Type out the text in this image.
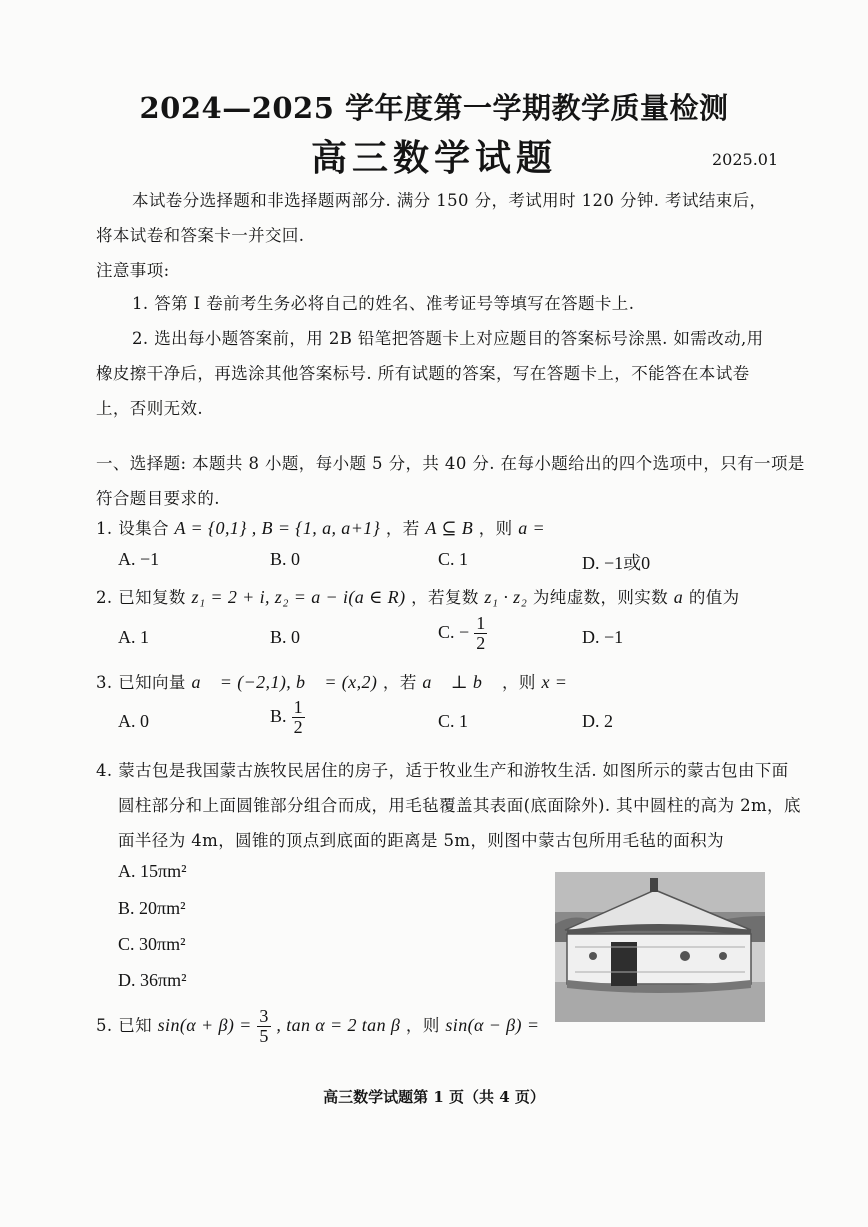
2024—2025 学年度第一学期教学质量检测
高三数学试题	2025.01
本试卷分选择题和非选择题两部分. 满分 150 分，考试用时 120 分钟. 考试结束后，
将本试卷和答案卡一并交回.
注意事项:
1. 答第 I 卷前考生务必将自己的姓名、准考证号等填写在答题卡上.
2. 选出每小题答案前，用 2B 铅笔把答题卡上对应题目的答案标号涂黑. 如需改动,用
橡皮擦干净后，再选涂其他答案标号. 所有试题的答案，写在答题卡上，不能答在本试卷
上，否则无效.
一、选择题: 本题共 8 小题，每小题 5 分，共 40 分. 在每小题给出的四个选项中，只有一项是
符合题目要求的.
1. 设集合 A = {0,1} , B = {1, a, a+1} ，若 A ⊆ B ，则 a =
A. −1	B. 0	C. 1	D. −1或0
2. 已知复数 z₁ = 2 + i, z₂ = a − i(a ∈ R) ，若复数 z₁ · z₂ 为纯虚数，则实数 a 的值为
A. 1	B. 0	C. − $\frac{1}{2}$	D. −1
3. 已知向量 a⃗ = (−2,1), b⃗ = (x,2) ，若 a⃗ ⊥ b⃗ ，则 x =
A. 0	B. $\frac{1}{2}$	C. 1	D. 2
4. 蒙古包是我国蒙古族牧民居住的房子，适于牧业生产和游牧生活. 如图所示的蒙古包由下面
圆柱部分和上面圆锥部分组合而成，用毛毡覆盖其表面(底面除外). 其中圆柱的高为 2m，底
面半径为 4m，圆锥的顶点到底面的距离是 5m，则图中蒙古包所用毛毡的面积为
A. 15πm²
B. 20πm²
C. 30πm²
D. 36πm²
5. 已知 $\sin(\alpha + \beta) = \frac{3}{5}$ , tan α = 2 tan β ，则 sin(α − β) =
高三数学试题第 1 页（共 4 页）
